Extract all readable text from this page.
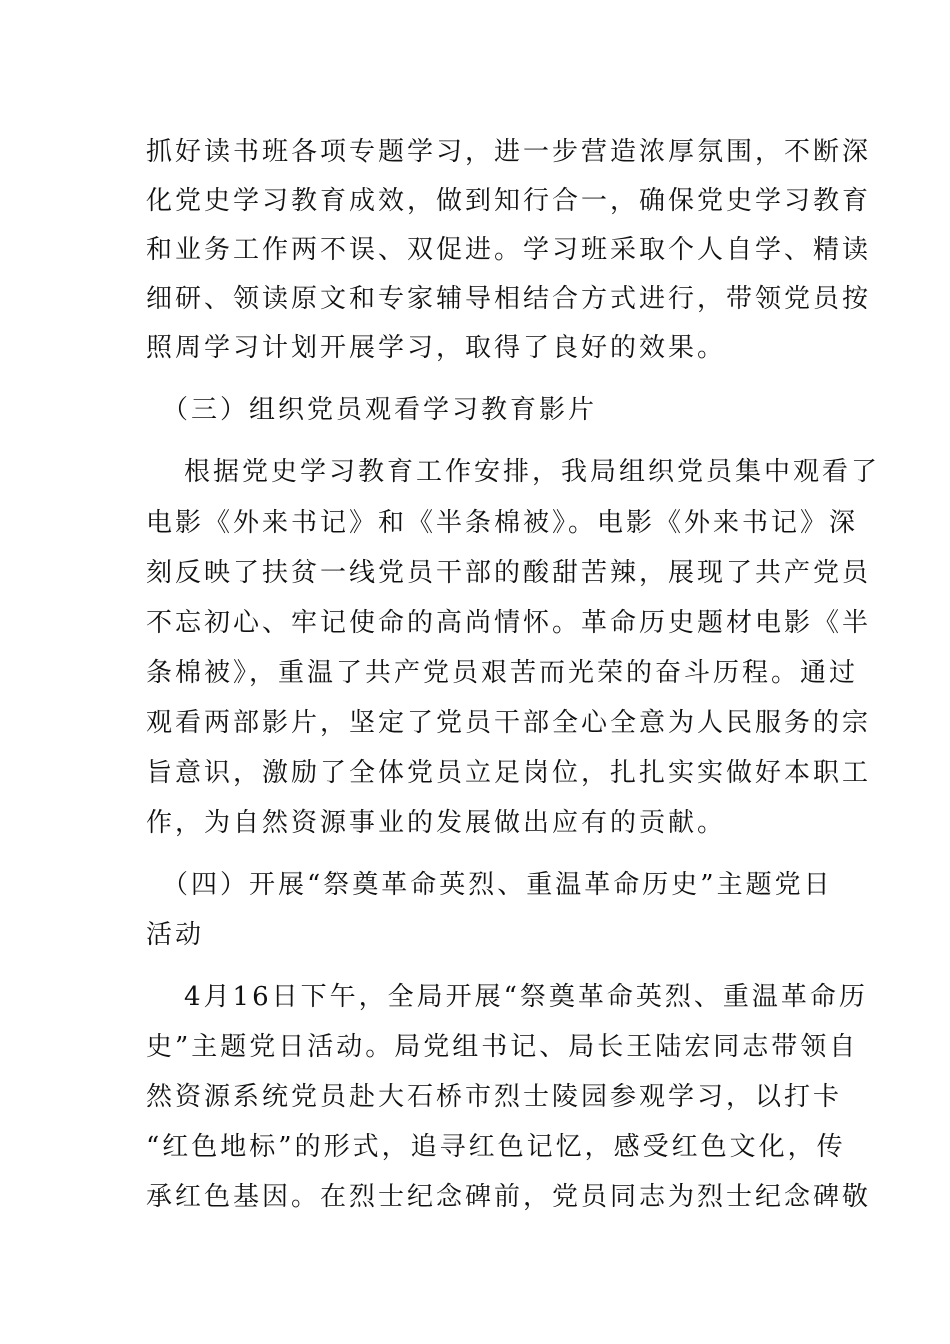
抓好读书班各项专题学习，进一步营造浓厚氛围，不断深
化党史学习教育成效，做到知行合一，确保党史学习教育
和业务工作两不误、双促进。学习班采取个人自学、精读
细研、领读原文和专家辅导相结合方式进行，带领党员按
照周学习计划开展学习，取得了良好的效果。
（三）组织党员观看学习教育影片
根据党史学习教育工作安排，我局组织党员集中观看了
电影《外来书记》和《半条棉被》。电影《外来书记》深
刻反映了扶贫一线党员干部的酸甜苦辣，展现了共产党员
不忘初心、牢记使命的高尚情怀。革命历史题材电影《半
条棉被》，重温了共产党员艰苦而光荣的奋斗历程。通过
观看两部影片，坚定了党员干部全心全意为人民服务的宗
旨意识，激励了全体党员立足岗位，扎扎实实做好本职工
作，为自然资源事业的发展做出应有的贡献。
（四）开展“祭奠革命英烈、重温革命历史”主题党日
活动
4月16日下午，全局开展“祭奠革命英烈、重温革命历
史”主题党日活动。局党组书记、局长王陆宏同志带领自
然资源系统党员赴大石桥市烈士陵园参观学习，以打卡
“红色地标”的形式，追寻红色记忆，感受红色文化，传
承红色基因。在烈士纪念碑前，党员同志为烈士纪念碑敬
